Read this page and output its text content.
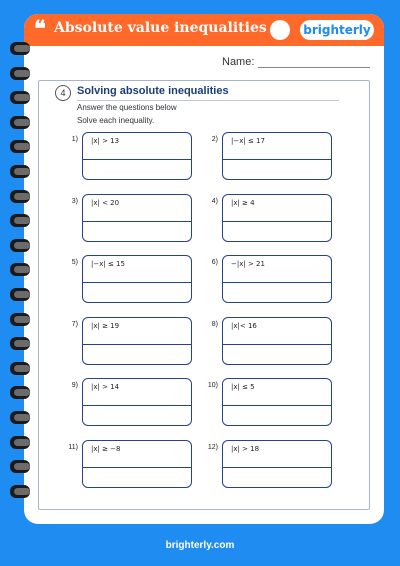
❝ Absolute value inequalities	brighterly
Name:
4	Solving absolute inequalities
Answer the questions below
Solve each inequality.
1) |x| > 13	2) |−x| ≤ 17
3) |x| < 20	4) |x| ≥ 4
5) |−x| ≤ 15	6) −|x| > 21
7) |x| ≥ 19	8) |x|< 16
9) |x| > 14	10) |x| ≤ 5
11) |x| ≥ −8	12) |x| > 18
brighterly.com
